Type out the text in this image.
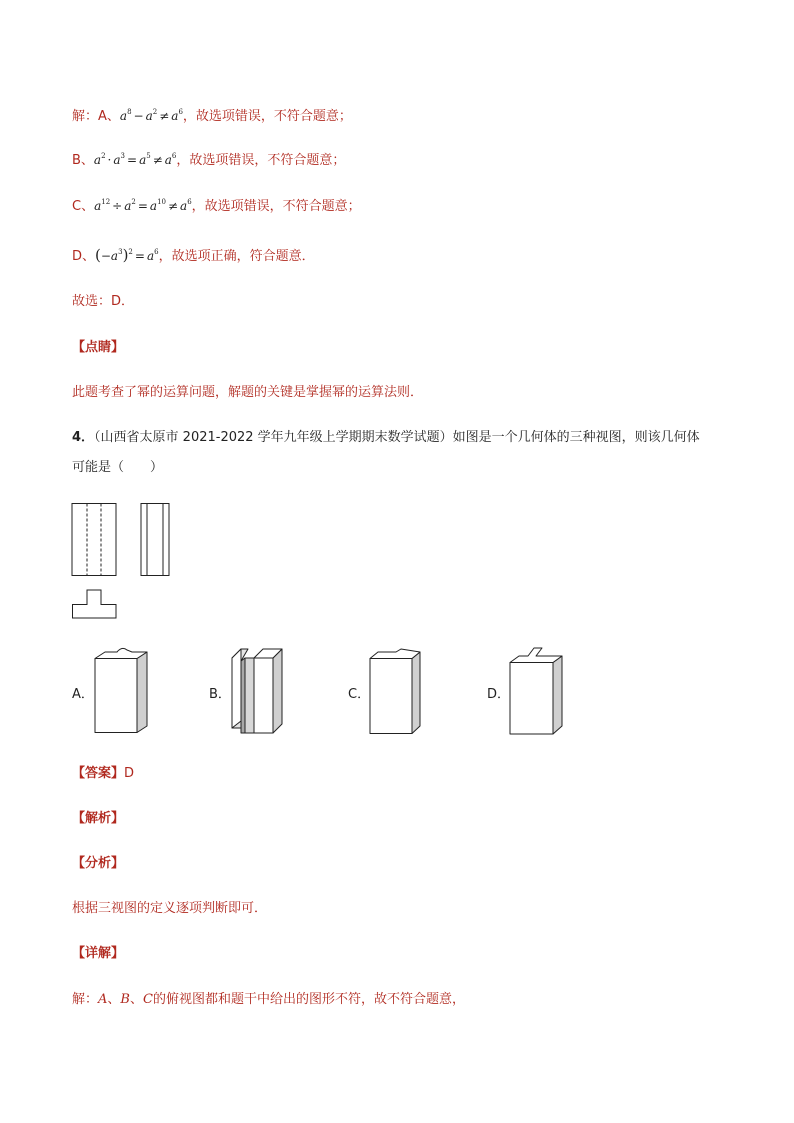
解：A、$a^8 - a^2 \ne a^6$，故选项错误，不符合题意；
B、$a^2 \cdot a^3 = a^5 \ne a^6$，故选项错误，不符合题意；
C、$a^{12} \div a^2 = a^{10} \ne a^6$，故选项错误，不符合题意；
D、$(-a^3)^2 = a^6$，故选项正确，符合题意．
故选：D．
【点睛】
此题考查了幂的运算问题，解题的关键是掌握幂的运算法则．
4．（山西省太原市 2021-2022 学年九年级上学期期末数学试题）如图是一个几何体的三种视图，则该几何体
可能是（　　）
A．	B．	C．	D．
【答案】D
【解析】
【分析】
根据三视图的定义逐项判断即可．
【详解】
解：A、B、C的俯视图都和题干中给出的图形不符，故不符合题意，
